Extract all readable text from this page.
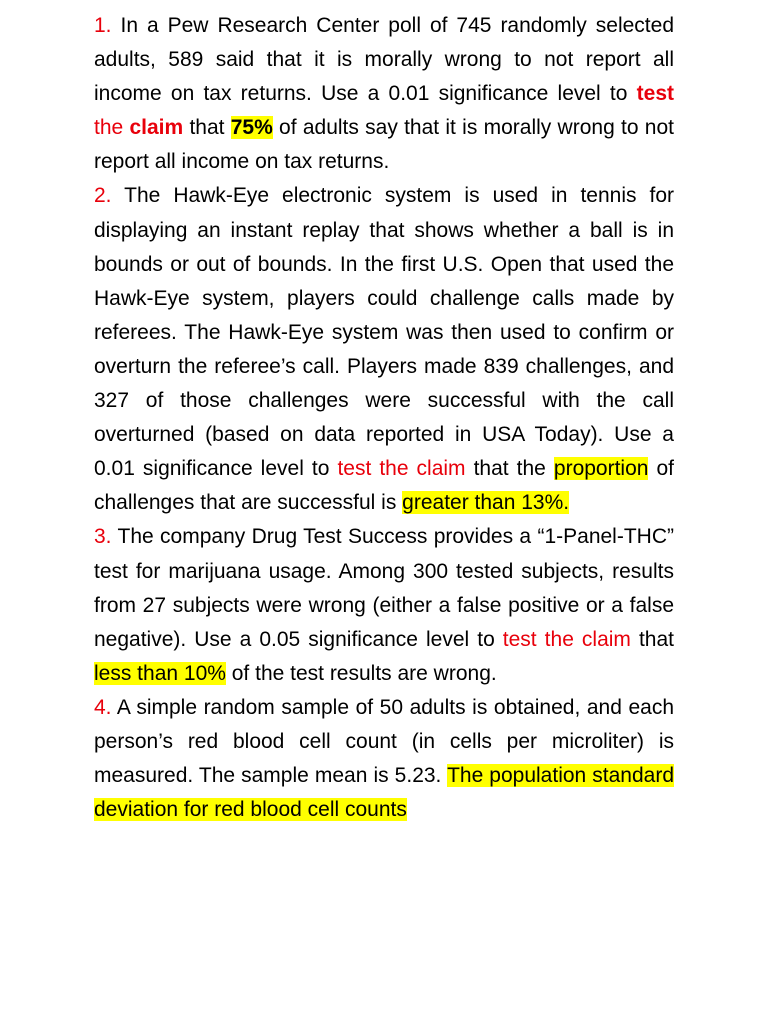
1. In a Pew Research Center poll of 745 randomly selected adults, 589 said that it is morally wrong to not report all income on tax returns. Use a 0.01 significance level to test the claim that 75% of adults say that it is morally wrong to not report all income on tax returns.

2. The Hawk-Eye electronic system is used in tennis for displaying an instant replay that shows whether a ball is in bounds or out of bounds. In the first U.S. Open that used the Hawk-Eye system, players could challenge calls made by referees. The Hawk-Eye system was then used to confirm or overturn the referee’s call. Players made 839 challenges, and 327 of those challenges were successful with the call overturned (based on data reported in USA Today). Use a 0.01 significance level to test the claim that the proportion of challenges that are successful is greater than 13%.

3. The company Drug Test Success provides a “1-Panel-THC” test for marijuana usage. Among 300 tested subjects, results from 27 subjects were wrong (either a false positive or a false negative). Use a 0.05 significance level to test the claim that less than 10% of the test results are wrong.

4. A simple random sample of 50 adults is obtained, and each person’s red blood cell count (in cells per microliter) is measured. The sample mean is 5.23. The population standard deviation for red blood cell counts
